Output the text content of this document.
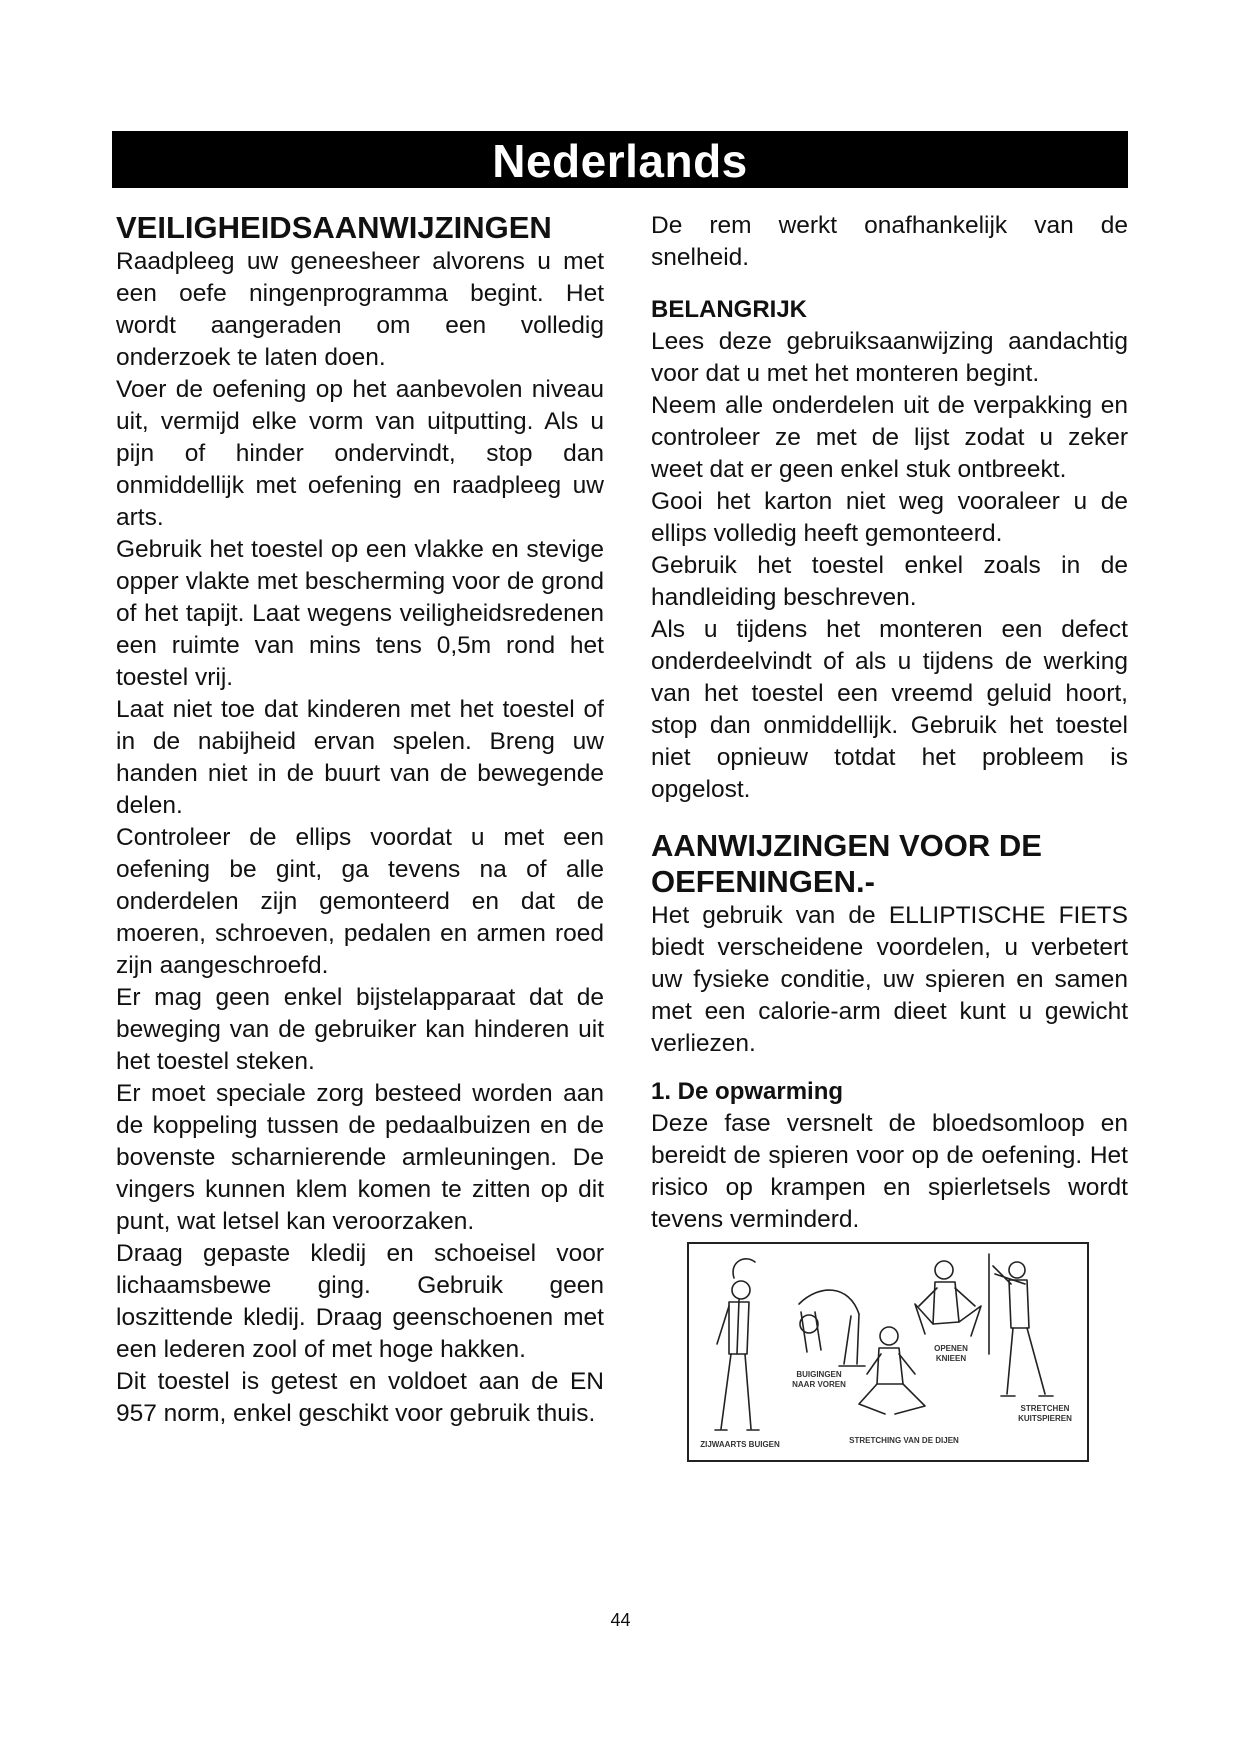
Nederlands
VEILIGHEIDSAANWIJZINGEN

Raadpleeg uw geneesheer alvorens u met een oefe ningenprogramma begint. Het wordt aangeraden om een volledig onderzoek te laten doen.

Voer de oefening op het aanbevolen niveau uit, vermijd elke vorm van uitputting. Als u pijn of hinder ondervindt, stop dan onmiddellijk met oefening en raadpleeg uw arts.

Gebruik het toestel op een vlakke en stevige opper vlakte met bescherming voor de grond of het tapijt. Laat wegens veiligheidsredenen een ruimte van mins tens 0,5m rond het toestel vrij.

Laat niet toe dat kinderen met het toestel of in de nabijheid ervan spelen. Breng uw handen niet in de buurt van de bewegende delen.

Controleer de ellips voordat u met een oefening be gint, ga tevens na of alle onderdelen zijn gemonteerd en dat de moeren, schroeven, pedalen en armen roed zijn aangeschroefd.

Er mag geen enkel bijstelapparaat dat de beweging van de gebruiker kan hinderen uit het toestel steken.

Er moet speciale zorg besteed worden aan de koppeling tussen de pedaalbuizen en de bovenste scharnierende armleuningen. De vingers kunnen klem komen te zitten op dit punt, wat letsel kan veroorzaken.

Draag gepaste kledij en schoeisel voor lichaamsbewe ging. Gebruik geen loszittende kledij. Draag geenschoenen met een lederen zool of met hoge hakken.

Dit toestel is getest en voldoet aan de EN 957 norm, enkel geschikt voor gebruik thuis.

De rem werkt onafhankelijk van de snelheid.

BELANGRIJK

Lees deze gebruiksaanwijzing aandachtig voor dat u met het monteren begint.

Neem alle onderdelen uit de verpakking en controleer ze met de lijst zodat u zeker weet dat er geen enkel stuk ontbreekt.

Gooi het karton niet weg vooraleer u de ellips volledig heeft gemonteerd.

Gebruik het toestel enkel zoals in de handleiding beschreven.

Als u tijdens het monteren een defect onderdeelvindt of als u tijdens de werking van het toestel een vreemd geluid hoort, stop dan onmiddellijk. Gebruik het toestel niet opnieuw totdat het probleem is opgelost.

AANWIJZINGEN VOOR DE
OEFENINGEN.-

Het gebruik van de ELLIPTISCHE FIETS biedt verscheidene voordelen, u verbetert uw fysieke conditie, uw spieren en samen met een calorie-arm dieet kunt u gewicht verliezen.

1. De opwarming

Deze fase versnelt de bloedsomloop en bereidt de spieren voor op de oefening. Het risico op krampen en spierletsels wordt tevens verminderd.

ZIJWAARTS BUIGEN
BUIGINGEN NAAR VOREN
STRETCHING VAN DE DIJEN
OPENEN KNIEEN
STRETCHEN KUITSPIEREN
44
